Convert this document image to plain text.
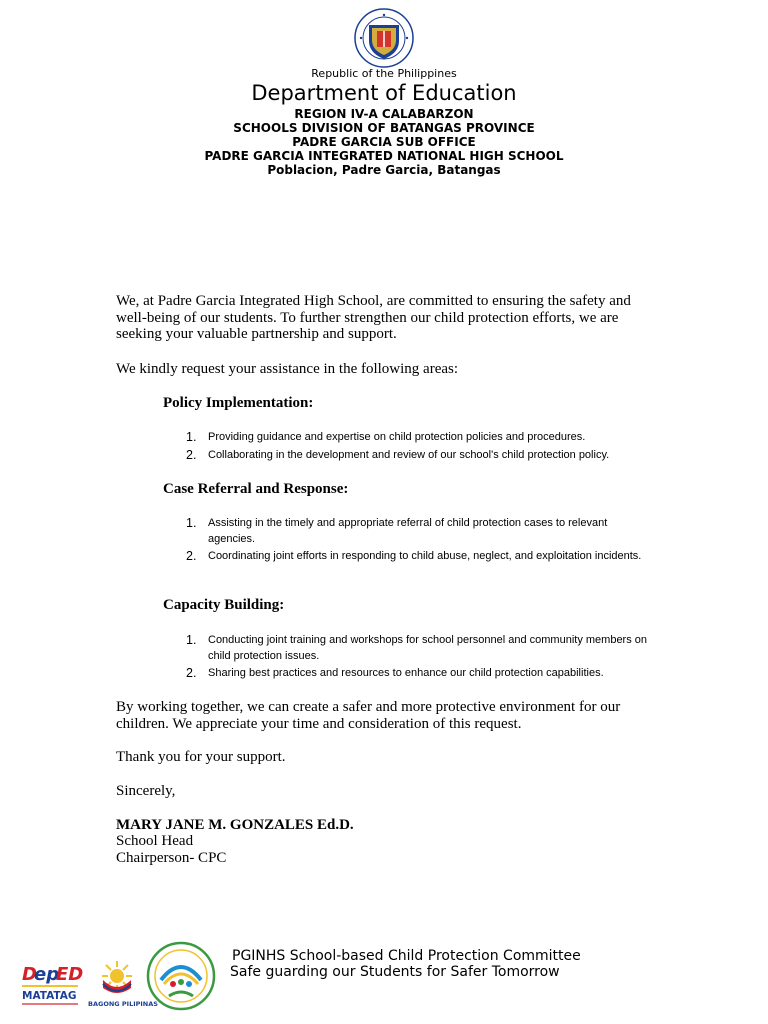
Republic of the Philippines
Department of Education
REGION IV-A CALABARZON
SCHOOLS DIVISION OF BATANGAS PROVINCE
PADRE GARCIA SUB OFFICE
PADRE GARCIA INTEGRATED NATIONAL HIGH SCHOOL
Poblacion, Padre Garcia, Batangas
We, at Padre Garcia Integrated High School, are committed to ensuring the safety and well-being of our students. To further strengthen our child protection efforts, we are seeking your valuable partnership and support.
We kindly request your assistance in the following areas:
Policy Implementation:
1. Providing guidance and expertise on child protection policies and procedures.
2. Collaborating in the development and review of our school's child protection policy.
Case Referral and Response:
1. Assisting in the timely and appropriate referral of child protection cases to relevant agencies.
2. Coordinating joint efforts in responding to child abuse, neglect, and exploitation incidents.
Capacity Building:
1. Conducting joint training and workshops for school personnel and community members on child protection issues.
2. Sharing best practices and resources to enhance our child protection capabilities.
By working together, we can create a safer and more protective environment for our children. We appreciate your time and consideration of this request.
Thank you for your support.
Sincerely,
MARY JANE M. GONZALES Ed.D.
School Head
Chairperson- CPC
D
ep
ED
MATATAG
BAGONG PILIPINAS
PGINHS School-based Child Protection Committee
Safe guarding our Students for Safer Tomorrow
